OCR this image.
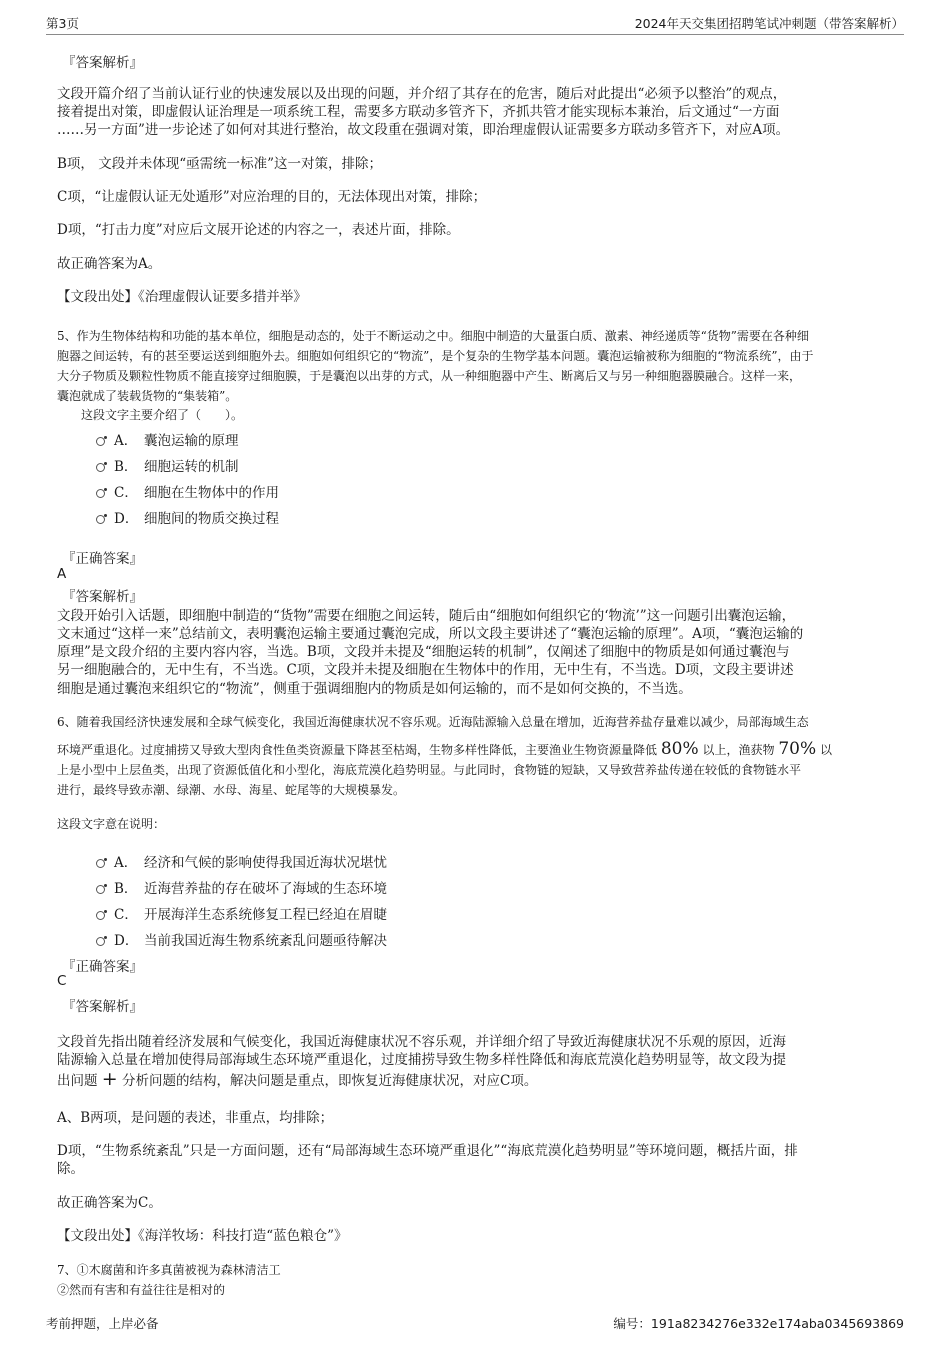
第3页	2024年天交集团招聘笔试冲刺题（带答案解析）
『答案解析』
文段开篇介绍了当前认证行业的快速发展以及出现的问题，并介绍了其存在的危害，随后对此提出“必须予以整治”的观点，
接着提出对策，即虚假认证治理是一项系统工程，需要多方联动多管齐下，齐抓共管才能实现标本兼治，后文通过“一方面
……另一方面”进一步论述了如何对其进行整治，故文段重在强调对策，即治理虚假认证需要多方联动多管齐下，对应A项。
B项， 文段并未体现“亟需统一标准”这一对策，排除；
C项，“让虚假认证无处遁形”对应治理的目的，无法体现出对策，排除；
D项，“打击力度”对应后文展开论述的内容之一，表述片面，排除。
故正确答案为A。
【文段出处】《治理虚假认证要多措并举》
5、作为生物体结构和功能的基本单位，细胞是动态的，处于不断运动之中。细胞中制造的大量蛋白质、激素、神经递质等“货物”需要在各种细
胞器之间运转，有的甚至要运送到细胞外去。细胞如何组织它的“物流”，是个复杂的生物学基本问题。囊泡运输被称为细胞的“物流系统”，由于
大分子物质及颗粒性物质不能直接穿过细胞膜，于是囊泡以出芽的方式，从一种细胞器中产生、断离后又与另一种细胞器膜融合。这样一来，
囊泡就成了装载货物的“集装箱”。
这段文字主要介绍了（　　）。
A． 囊泡运输的原理
B． 细胞运转的机制
C． 细胞在生物体中的作用
D． 细胞间的物质交换过程
『正确答案』
A
『答案解析』
文段开始引入话题，即细胞中制造的“货物”需要在细胞之间运转，随后由“细胞如何组织它的‘物流’”这一问题引出囊泡运输，
文末通过“这样一来”总结前文，表明囊泡运输主要通过囊泡完成，所以文段主要讲述了“囊泡运输的原理”。A项，“囊泡运输的
原理”是文段介绍的主要内容内容，当选。B项，文段并未提及“细胞运转的机制”，仅阐述了细胞中的物质是如何通过囊泡与
另一细胞融合的，无中生有，不当选。C项，文段并未提及细胞在生物体中的作用，无中生有，不当选。D项，文段主要讲述
细胞是通过囊泡来组织它的“物流”，侧重于强调细胞内的物质是如何运输的，而不是如何交换的，不当选。
6、随着我国经济快速发展和全球气候变化，我国近海健康状况不容乐观。近海陆源输入总量在增加，近海营养盐存量难以减少，局部海域生态
环境严重退化。过度捕捞又导致大型肉食性鱼类资源量下降甚至枯竭，生物多样性降低，主要渔业生物资源量降低 80% 以上，渔获物 70% 以
上是小型中上层鱼类，出现了资源低值化和小型化，海底荒漠化趋势明显。与此同时，食物链的短缺，又导致营养盐传递在较低的食物链水平
进行，最终导致赤潮、绿潮、水母、海星、蛇尾等的大规模暴发。
这段文字意在说明：
A． 经济和气候的影响使得我国近海状况堪忧
B． 近海营养盐的存在破坏了海域的生态环境
C． 开展海洋生态系统修复工程已经迫在眉睫
D． 当前我国近海生物系统紊乱问题亟待解决
『正确答案』
C
『答案解析』
文段首先指出随着经济发展和气候变化，我国近海健康状况不容乐观，并详细介绍了导致近海健康状况不乐观的原因，近海
陆源输入总量在增加使得局部海域生态环境严重退化，过度捕捞导致生物多样性降低和海底荒漠化趋势明显等，故文段为提
出问题 + 分析问题的结构，解决问题是重点，即恢复近海健康状况，对应C项。
A、B两项，是问题的表述，非重点，均排除；
D项，“生物系统紊乱”只是一方面问题，还有“局部海域生态环境严重退化”“海底荒漠化趋势明显”等环境问题，概括片面，排
除。
故正确答案为C。
【文段出处】《海洋牧场：科技打造“蓝色粮仓”》
7、①木腐菌和许多真菌被视为森林清洁工
②然而有害和有益往往是相对的
考前押题，上岸必备	编号：191a8234276e332e174aba0345693869
